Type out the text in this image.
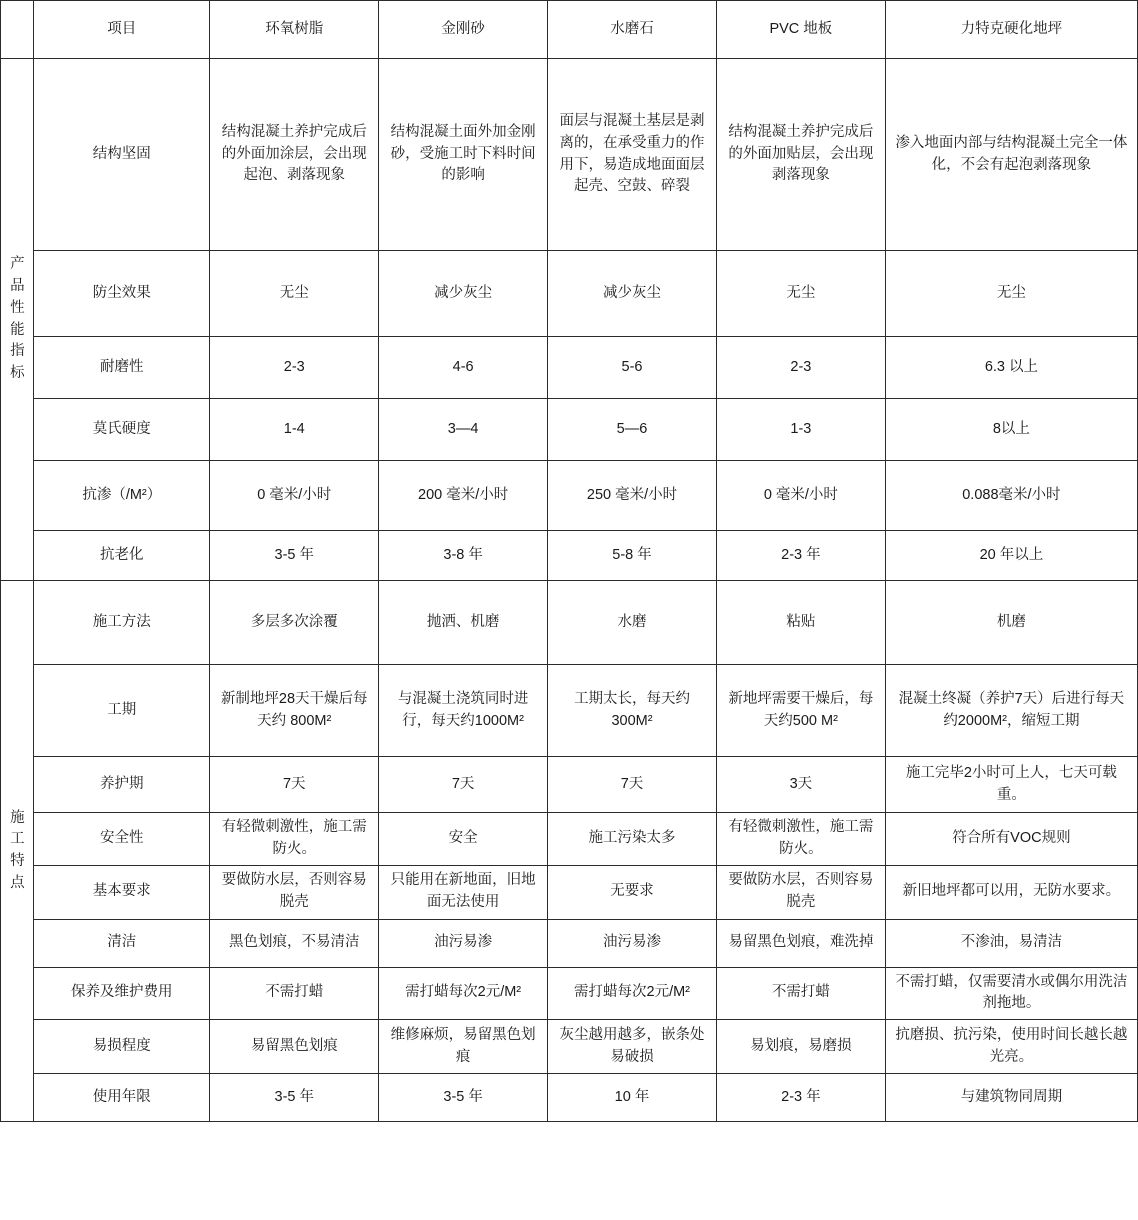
	项目	环氧树脂	金刚砂	水磨石	PVC 地板	力特克硬化地坪
产品性能指标	结构坚固	结构混凝土养护完成后的外面加涂层，会出现起泡、剥落现象	结构混凝土面外加金刚砂，受施工时下料时间的影响	面层与混凝土基层是剥离的，在承受重力的作用下，易造成地面面层起壳、空鼓、碎裂	结构混凝土养护完成后的外面加贴层，会出现剥落现象	渗入地面内部与结构混凝土完全一体化，不会有起泡剥落现象
	防尘效果	无尘	减少灰尘	减少灰尘	无尘	无尘
	耐磨性	2-3	4-6	5-6	2-3	6.3 以上
	莫氏硬度	1-4	3—4	5—6	1-3	8以上
	抗渗（/M²）	0 毫米/小时	200 毫米/小时	250 毫米/小时	0 毫米/小时	0.088毫米/小时
	抗老化	3-5 年	3-8 年	5-8 年	2-3 年	20 年以上
施工特点	施工方法	多层多次涂覆	抛洒、机磨	水磨	粘贴	机磨
	工期	新制地坪28天干燥后每天约 800M²	与混凝土浇筑同时进行，每天约1000M²	工期太长，每天约300M²	新地坪需要干燥后，每天约500 M²	混凝土终凝（养护7天）后进行每天约2000M²，缩短工期
	养护期	7天	7天	7天	3天	施工完毕2小时可上人，七天可载重。
	安全性	有轻微刺激性，施工需防火。	安全	施工污染太多	有轻微刺激性，施工需防火。	符合所有VOC规则
	基本要求	要做防水层，否则容易脱壳	只能用在新地面，旧地面无法使用	无要求	要做防水层，否则容易脱壳	新旧地坪都可以用，无防水要求。
	清洁	黑色划痕，不易清洁	油污易渗	油污易渗	易留黑色划痕，难洗掉	不渗油，易清洁
	保养及维护费用	不需打蜡	需打蜡每次2元/M²	需打蜡每次2元/M²	不需打蜡	不需打蜡，仅需要清水或偶尔用洗洁剂拖地。
	易损程度	易留黑色划痕	维修麻烦，易留黑色划痕	灰尘越用越多，嵌条处易破损	易划痕，易磨损	抗磨损、抗污染，使用时间长越长越光亮。
	使用年限	3-5 年	3-5 年	10 年	2-3 年	与建筑物同周期
